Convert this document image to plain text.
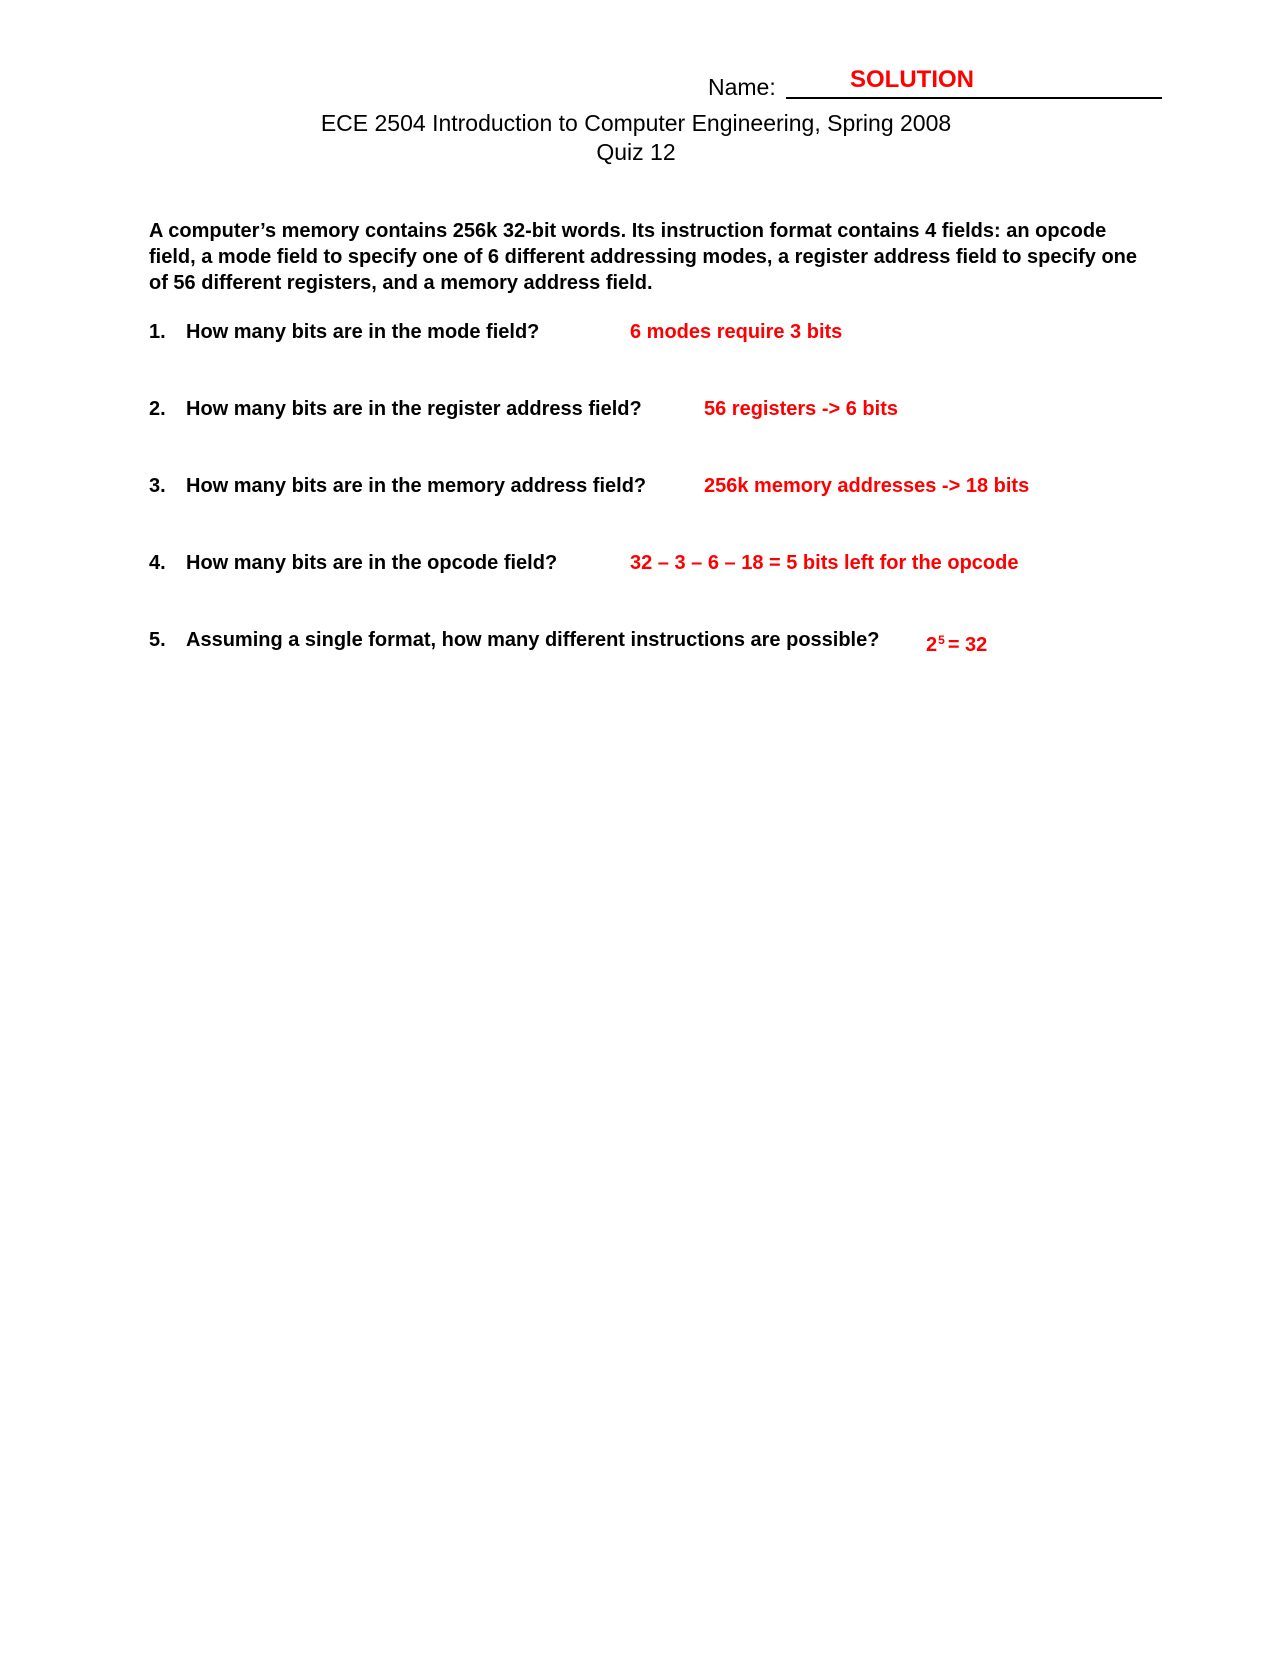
Name:	SOLUTION
ECE 2504 Introduction to Computer Engineering, Spring 2008
Quiz 12
A computer’s memory contains 256k 32-bit words. Its instruction format contains 4 fields: an opcode field, a mode field to specify one of 6 different addressing modes, a register address field to specify one of 56 different registers, and a memory address field.
1. How many bits are in the mode field?	6 modes require 3 bits
2. How many bits are in the register address field?	56 registers -> 6 bits
3. How many bits are in the memory address field?	256k memory addresses -> 18 bits
4. How many bits are in the opcode field?	32 – 3 – 6 – 18 = 5 bits left for the opcode
5. Assuming a single format, how many different instructions are possible? $2^5 = 32$
